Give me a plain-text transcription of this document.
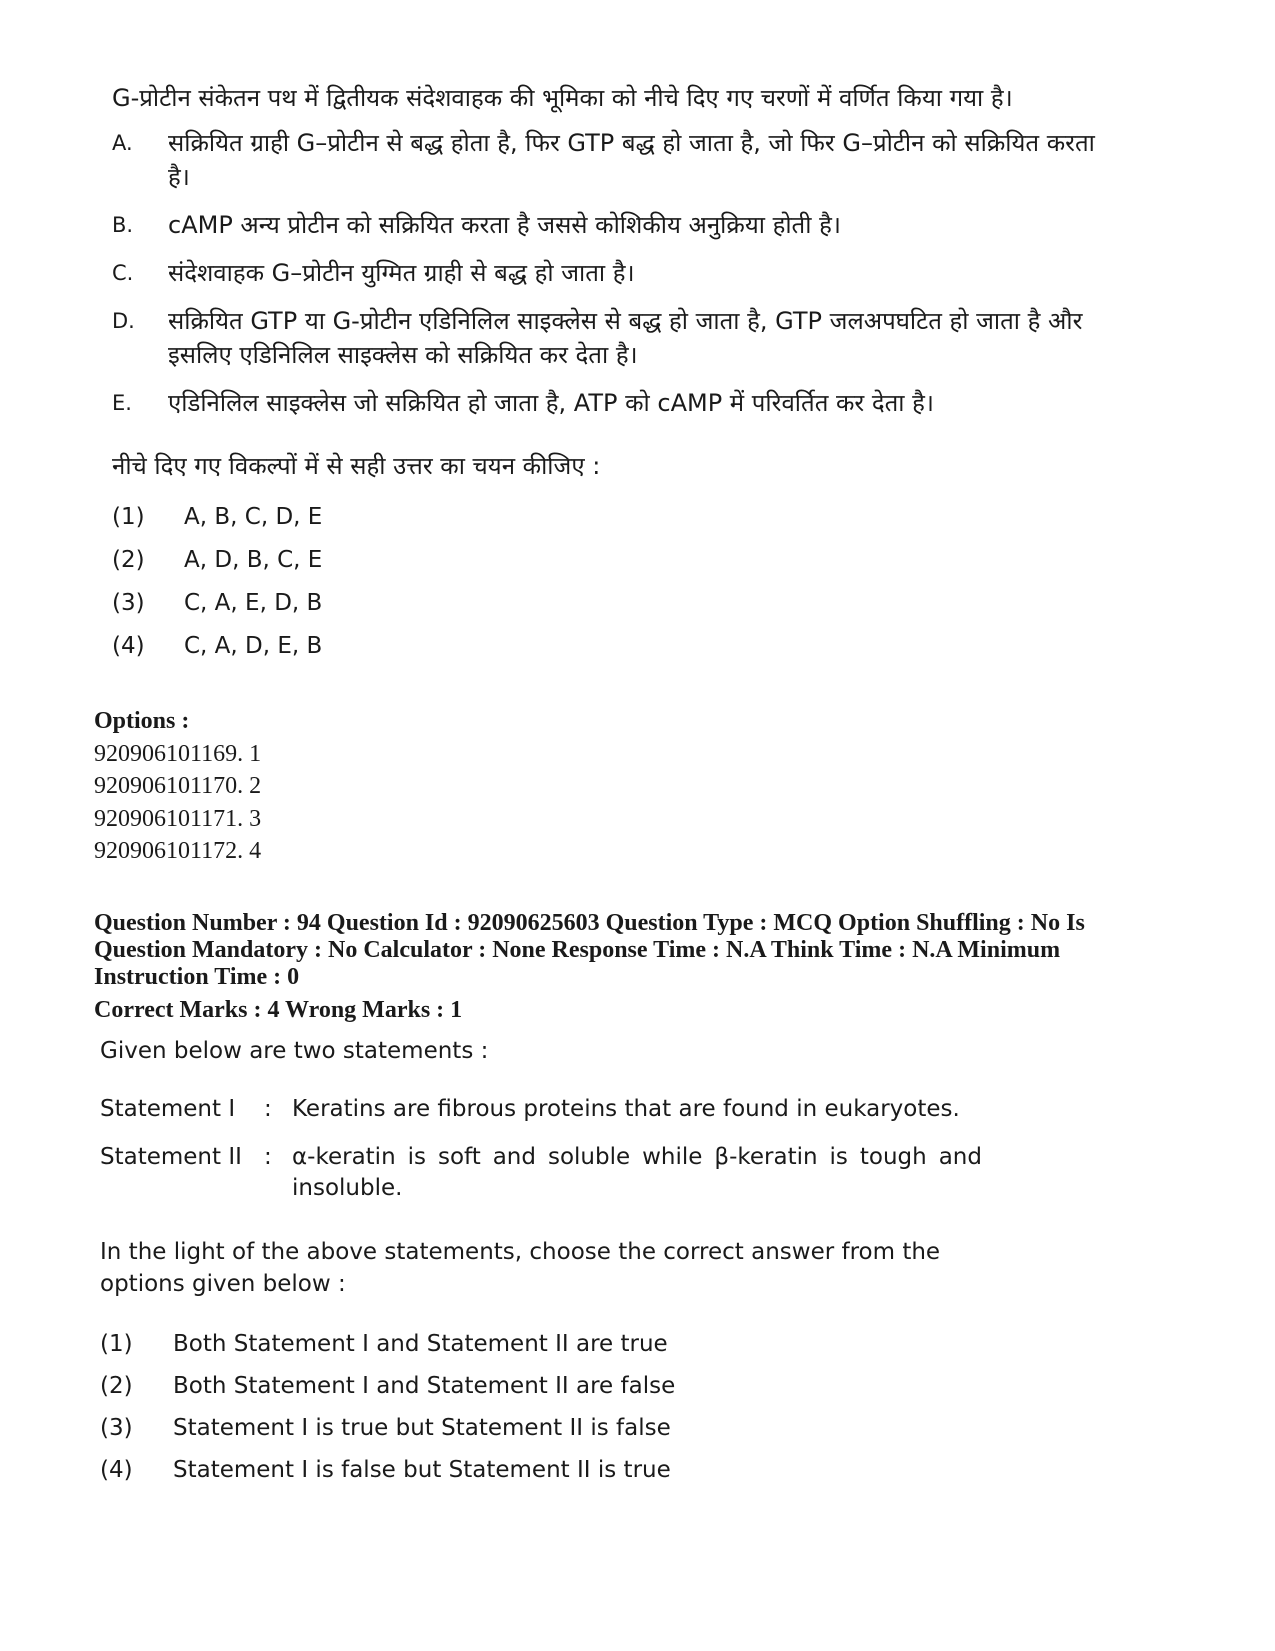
G-प्रोटीन संकेतन पथ में द्वितीयक संदेशवाहक की भूमिका को नीचे दिए गए चरणों में वर्णित किया गया है।

A.	सक्रियित ग्राही G–प्रोटीन से बद्ध होता है, फिर GTP बद्ध हो जाता है, जो फिर G–प्रोटीन को सक्रियित करता है।
B.	cAMP अन्य प्रोटीन को सक्रियित करता है जससे कोशिकीय अनुक्रिया होती है।
C.	संदेशवाहक G–प्रोटीन युग्मित ग्राही से बद्ध हो जाता है।
D.	सक्रियित GTP या G-प्रोटीन एडिनिलिल साइक्लेस से बद्ध हो जाता है, GTP जलअपघटित हो जाता है और इसलिए एडिनिलिल साइक्लेस को सक्रियित कर देता है।
E.	एडिनिलिल साइक्लेस जो सक्रियित हो जाता है, ATP को cAMP में परिवर्तित कर देता है।

नीचे दिए गए विकल्पों में से सही उत्तर का चयन कीजिए :

(1)	A, B, C, D, E
(2)	A, D, B, C, E
(3)	C, A, E, D, B
(4)	C, A, D, E, B
Options :
920906101169. 1
920906101170. 2
920906101171. 3
920906101172. 4
Question Number : 94 Question Id : 92090625603 Question Type : MCQ Option Shuffling : No Is
Question Mandatory : No Calculator : None Response Time : N.A Think Time : N.A Minimum
Instruction Time : 0
Correct Marks : 4 Wrong Marks : 1

Given below are two statements :

Statement I	: Keratins are fibrous proteins that are found in eukaryotes.
Statement II : α-keratin is soft and soluble while β-keratin is tough and insoluble.

In the light of the above statements, choose the correct answer from the options given below :

(1)	Both Statement I and Statement II are true
(2)	Both Statement I and Statement II are false
(3)	Statement I is true but Statement II is false
(4)	Statement I is false but Statement II is true
